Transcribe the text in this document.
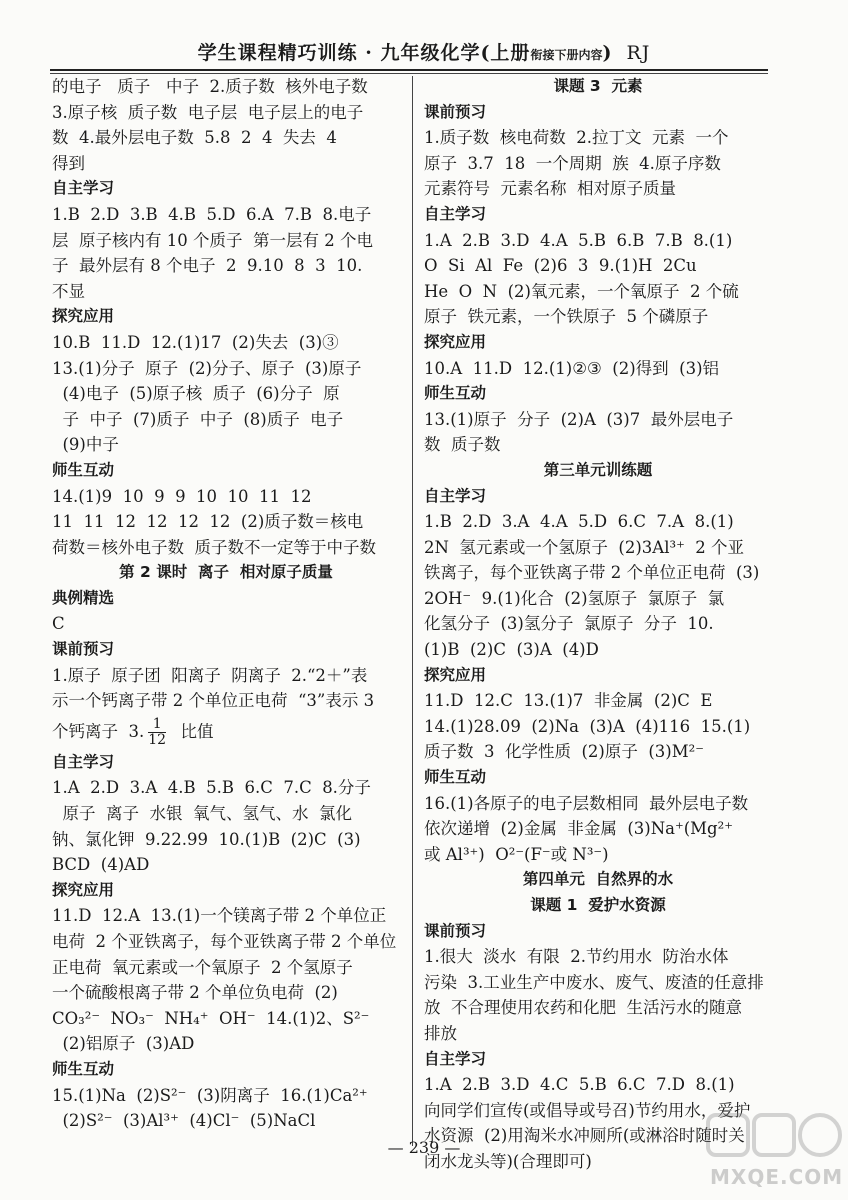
学生课程精巧训练 · 九年级化学(上册衔接下册内容) RJ
的电子   质子   中子  2.质子数  核外电子数
3.原子核  质子数  电子层  电子层上的电子
数  4.最外层电子数  5.8  2  4  失去  4
得到
自主学习
1.B  2.D  3.B  4.B  5.D  6.A  7.B  8.电子
层  原子核内有 10 个质子  第一层有 2 个电
子  最外层有 8 个电子  2  9.10  8  3  10.
不显
探究应用
10.B  11.D  12.(1)17  (2)失去  (3)③
13.(1)分子  原子  (2)分子、原子  (3)原子
(4)电子  (5)原子核  质子  (6)分子  原
子  中子  (7)质子  中子  (8)质子  电子
(9)中子
师生互动
14.(1)9  10  9  9  10  10  11  12
11  11  12  12  12  12  (2)质子数＝核电
荷数＝核外电子数  质子数不一定等于中子数
第 2 课时  离子  相对原子质量
典例精选
C
课前预习
1.原子  原子团  阳离子  阴离子  2.“2＋”表
示一个钙离子带 2 个单位正电荷  “3”表示 3
个钙离子  3. $\frac{1}{12}$ 比值
自主学习
1.A  2.D  3.A  4.B  5.B  6.C  7.C  8.分子
原子  离子  水银  氧气、氢气、水  氯化
钠、氯化钾  9.22.99  10.(1)B  (2)C  (3)
BCD  (4)AD
探究应用
11.D  12.A  13.(1)一个镁离子带 2 个单位正
电荷  2 个亚铁离子，每个亚铁离子带 2 个单位
正电荷  氧元素或一个氧原子  2 个氢原子
一个硫酸根离子带 2 个单位负电荷  (2)
CO₃²⁻  NO₃⁻  NH₄⁺  OH⁻  14.(1)2、S²⁻
(2)铝原子  (3)AD
师生互动
15.(1)Na  (2)S²⁻  (3)阴离子  16.(1)Ca²⁺
(2)S²⁻  (3)Al³⁺  (4)Cl⁻  (5)NaCl
课题 3  元素
课前预习
1.质子数  核电荷数  2.拉丁文  元素  一个
原子  3.7  18  一个周期  族  4.原子序数
元素符号  元素名称  相对原子质量
自主学习
1.A  2.B  3.D  4.A  5.B  6.B  7.B  8.(1)
O  Si  Al  Fe  (2)6  3  9.(1)H  2Cu
He  O  N  (2)氧元素，一个氧原子  2 个硫
原子  铁元素，一个铁原子  5 个磷原子
探究应用
10.A  11.D  12.(1)②③  (2)得到  (3)铝
师生互动
13.(1)原子  分子  (2)A  (3)7  最外层电子
数  质子数
第三单元训练题
自主学习
1.B  2.D  3.A  4.A  5.D  6.C  7.A  8.(1)
2N  氢元素或一个氢原子  (2)3Al³⁺  2 个亚
铁离子，每个亚铁离子带 2 个单位正电荷  (3)
2OH⁻  9.(1)化合  (2)氢原子  氯原子  氯
化氢分子  (3)氢分子  氯原子  分子  10.
(1)B  (2)C  (3)A  (4)D
探究应用
11.D  12.C  13.(1)7  非金属  (2)C  E
14.(1)28.09  (2)Na  (3)A  (4)116  15.(1)
质子数  3  化学性质  (2)原子  (3)M²⁻
师生互动
16.(1)各原子的电子层数相同  最外层电子数
依次递增  (2)金属  非金属  (3)Na⁺(Mg²⁺
或 Al³⁺)  O²⁻(F⁻或 N³⁻)
第四单元  自然界的水
课题 1  爱护水资源
课前预习
1.很大  淡水  有限  2.节约用水  防治水体
污染  3.工业生产中废水、废气、废渣的任意排
放  不合理使用农药和化肥  生活污水的随意
排放
自主学习
1.A  2.B  3.D  4.C  5.B  6.C  7.D  8.(1)
向同学们宣传(或倡导或号召)节约用水，爱护
水资源  (2)用淘米水冲厕所(或淋浴时随时关
闭水龙头等)(合理即可)
— 239 —
MXQE.COM
